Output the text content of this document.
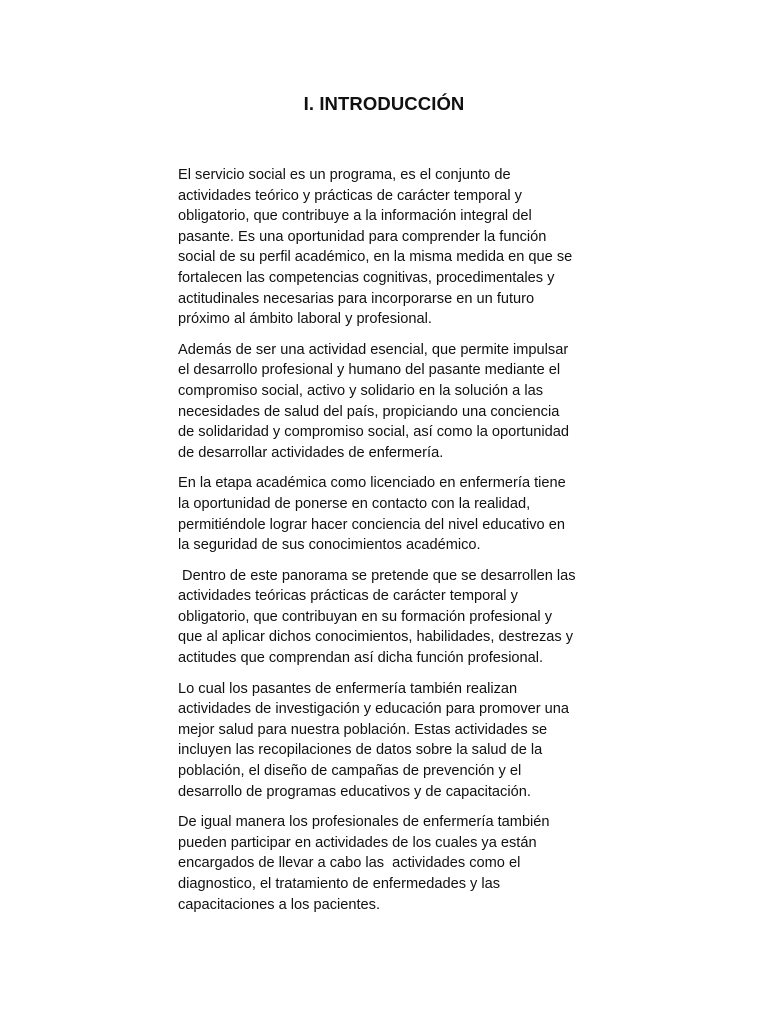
I. INTRODUCCIÓN

El servicio social es un programa, es el conjunto de
actividades teórico y prácticas de carácter temporal y
obligatorio, que contribuye a la información integral del
pasante. Es una oportunidad para comprender la función
social de su perfil académico, en la misma medida en que se
fortalecen las competencias cognitivas, procedimentales y
actitudinales necesarias para incorporarse en un futuro
próximo al ámbito laboral y profesional.

Además de ser una actividad esencial, que permite impulsar
el desarrollo profesional y humano del pasante mediante el
compromiso social, activo y solidario en la solución a las
necesidades de salud del país, propiciando una conciencia
de solidaridad y compromiso social, así como la oportunidad
de desarrollar actividades de enfermería.

En la etapa académica como licenciado en enfermería tiene
la oportunidad de ponerse en contacto con la realidad,
permitiéndole lograr hacer conciencia del nivel educativo en
la seguridad de sus conocimientos académico.

Dentro de este panorama se pretende que se desarrollen las
actividades teóricas prácticas de carácter temporal y
obligatorio, que contribuyan en su formación profesional y
que al aplicar dichos conocimientos, habilidades, destrezas y
actitudes que comprendan así dicha función profesional.

Lo cual los pasantes de enfermería también realizan
actividades de investigación y educación para promover una
mejor salud para nuestra población. Estas actividades se
incluyen las recopilaciones de datos sobre la salud de la
población, el diseño de campañas de prevención y el
desarrollo de programas educativos y de capacitación.

De igual manera los profesionales de enfermería también
pueden participar en actividades de los cuales ya están
encargados de llevar a cabo las  actividades como el
diagnostico, el tratamiento de enfermedades y las
capacitaciones a los pacientes.
